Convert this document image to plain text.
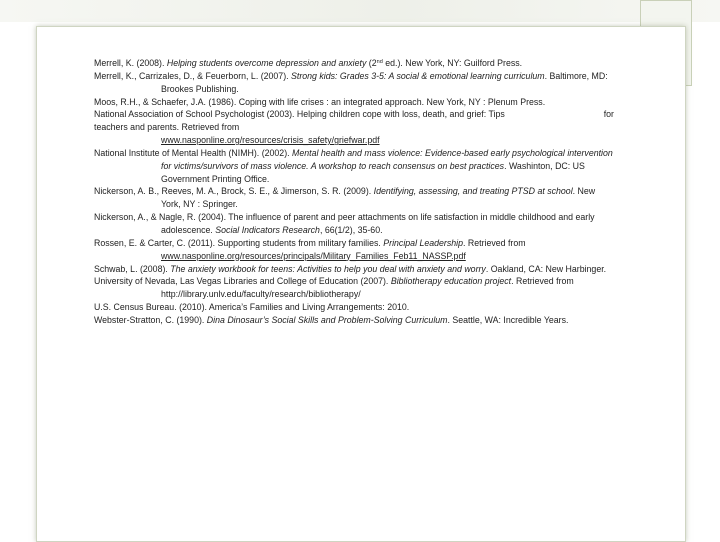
Merrell, K. (2008). Helping students overcome depression and anxiety (2nd ed.). New York, NY: Guilford Press.

Merrell, K., Carrizales, D., & Feuerborn, L. (2007). Strong kids: Grades 3-5: A social & emotional learning curriculum. Baltimore, MD: Brookes Publishing.

Moos, R.H., & Schaefer, J.A. (1986). Coping with life crises : an integrated approach. New York, NY : Plenum Press.

for
National Association of School Psychologist (2003). Helping children cope with loss, death, and grief: Tips
teachers and parents. Retrieved from
www.nasponline.org/resources/crisis_safety/griefwar.pdf

National Institute of Mental Health (NIMH). (2002). Mental health and mass violence: Evidence-based early psychological intervention for victims/survivors of mass violence. A workshop to reach consensus on best practices. Washinton, DC: US Government Printing Office.

Nickerson, A. B., Reeves, M. A., Brock, S. E., & Jimerson, S. R. (2009). Identifying, assessing, and treating PTSD at school. New York, NY : Springer.

Nickerson, A., & Nagle, R. (2004). The influence of parent and peer attachments on life satisfaction in middle childhood and early adolescence. Social Indicators Research, 66(1/2), 35-60.

Rossen, E. & Carter, C. (2011). Supporting students from military families. Principal Leadership. Retrieved from www.nasponline.org/resources/principals/Military_Families_Feb11_NASSP.pdf

Schwab, L. (2008). The anxiety workbook for teens: Activities to help you deal with anxiety and worry. Oakland, CA: New Harbinger.

University of Nevada, Las Vegas Libraries and College of Education (2007). Bibliotherapy education project. Retrieved from http://library.unlv.edu/faculty/research/bibliotherapy/

U.S. Census Bureau. (2010). America’s Families and Living Arrangements: 2010.

Webster-Stratton, C. (1990). Dina Dinosaur’s Social Skills and Problem-Solving Curriculum. Seattle, WA: Incredible Years.
